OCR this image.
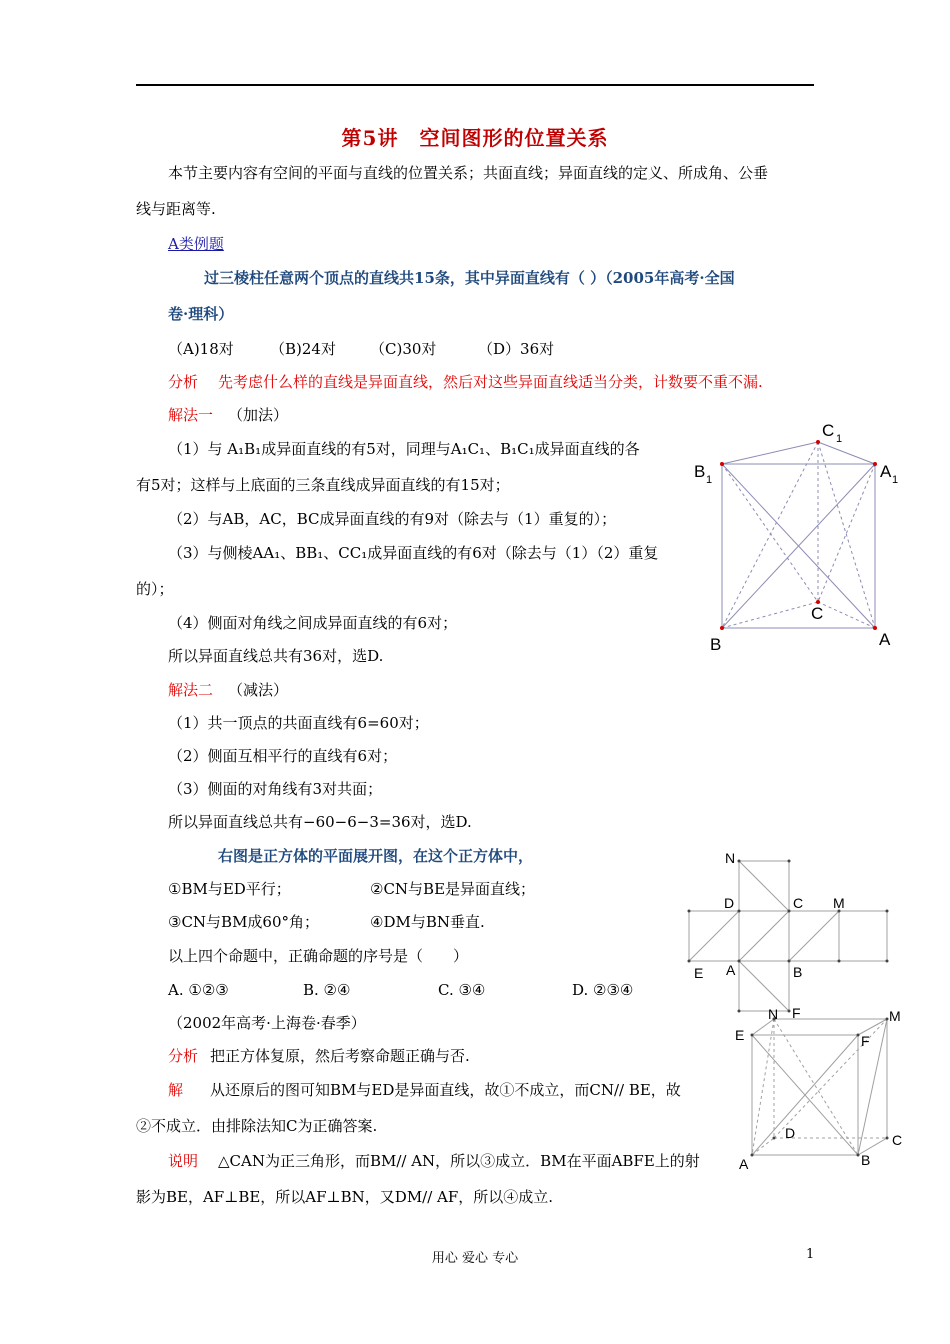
第5讲　空间图形的位置关系
本节主要内容有空间的平面与直线的位置关系；共面直线；异面直线的定义、所成角、公垂
线与距离等.
A类例题
过三棱柱任意两个顶点的直线共15条，其中异面直线有（ ）（2005年高考·全国
卷·理科）
（A)18对 （B)24对 （C)30对	（D）36对
分析 先考虑什么样的直线是异面直线，然后对这些异面直线适当分类，计数要不重不漏.
解法一 （加法）
（1）与 A₁B₁成异面直线的有5对，同理与A₁C₁、B₁C₁成异面直线的各
有5对；这样与上底面的三条直线成异面直线的有15对；
（2）与AB，AC，BC成异面直线的有9对（除去与（1）重复的）；
（3）与侧棱AA₁、BB₁、CC₁成异面直线的有6对（除去与（1）（2）重复
的）；
（4）侧面对角线之间成异面直线的有6对；
所以异面直线总共有36对，选D.
解法二 （减法）
（1）共一顶点的共面直线有6=60对；
（2）侧面互相平行的直线有6对；
（3）侧面的对角线有3对共面；
所以异面直线总共有−60−6−3=36对，选D.
右图是正方体的平面展开图，在这个正方体中，
①BM与ED平行；	②CN与BE是异面直线；
③CN与BM成60°角；	④DM与BN垂直.
以上四个命题中，正确命题的序号是（　　）
A. ①②③	B. ②④	C. ③④	D. ②③④
（2002年高考·上海卷·春季）
分析 把正方体复原，然后考察命题正确与否.
解 从还原后的图可知BM与ED是异面直线，故①不成立，而CN// BE，故
②不成立．由排除法知C为正确答案.
说明 △CAN为正三角形，而BM// AN，所以③成立．BM在平面ABFE上的射
影为BE，AF⊥BE，所以AF⊥BN，又DM// AF，所以④成立.
C 1
B 1	A 1
C
B	A
N
D	C M
E A	B
N F	M
E	F
D	C
A	B
用心 爱心 专心	1
